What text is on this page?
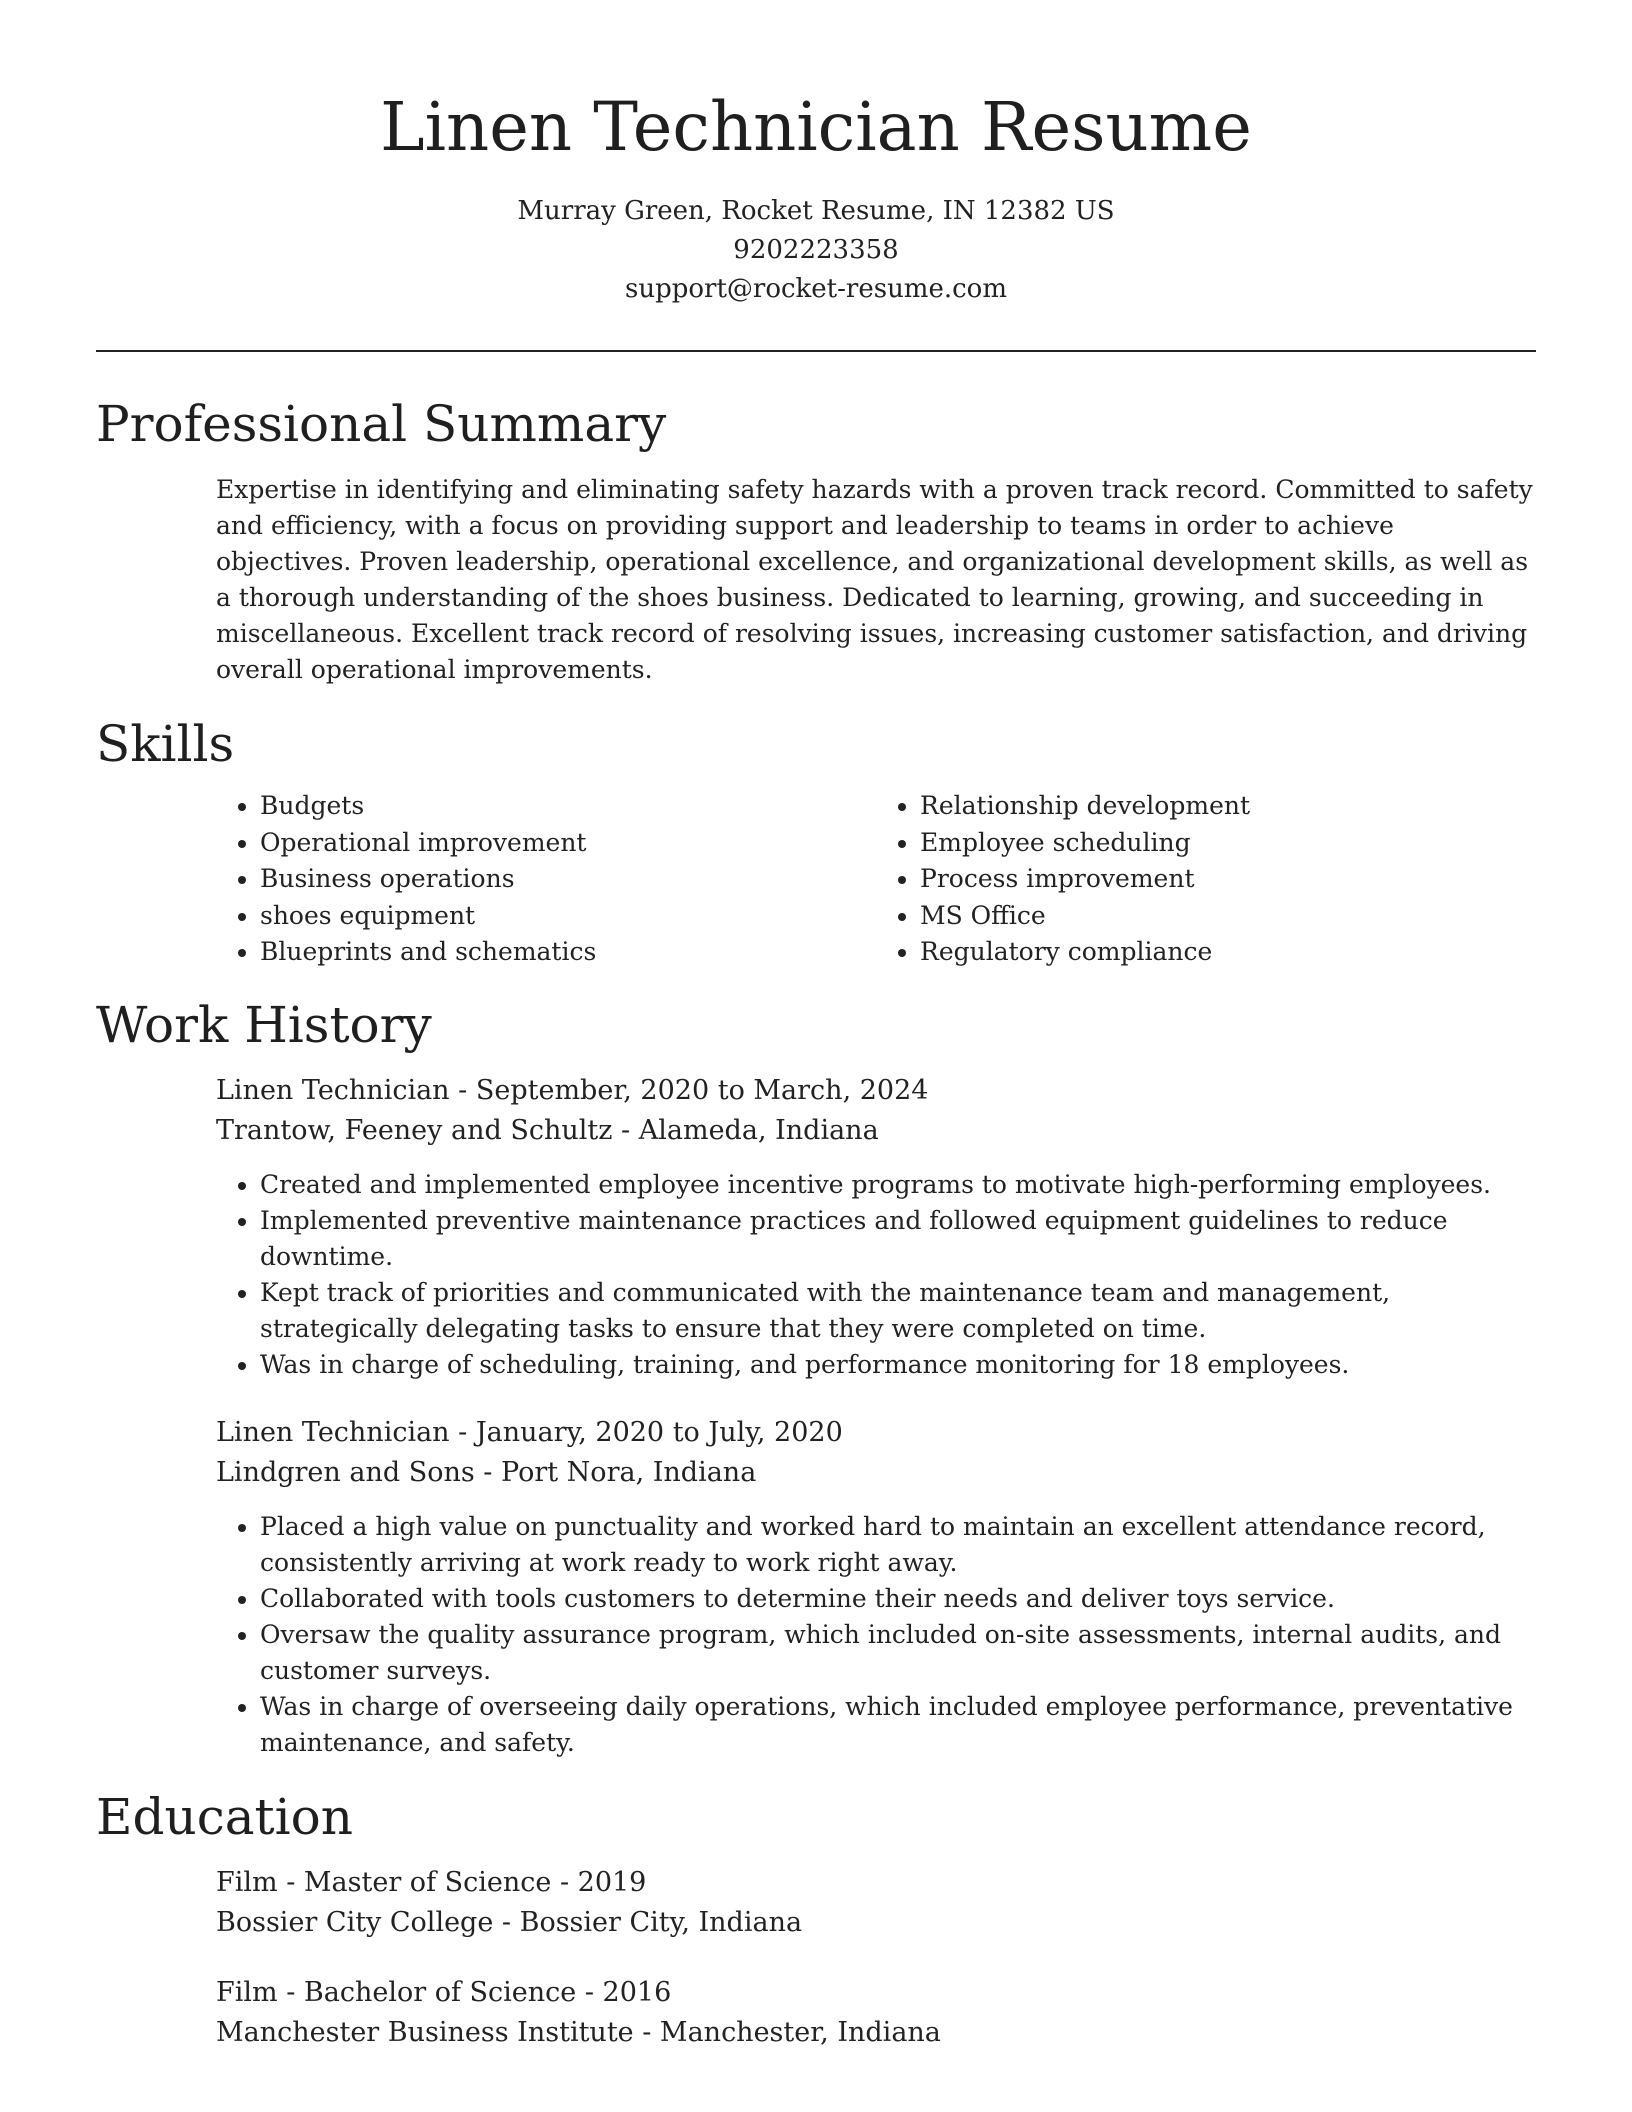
Linen Technician Resume
Murray Green, Rocket Resume, IN 12382 US
9202223358
support@rocket-resume.com
Professional Summary
Expertise in identifying and eliminating safety hazards with a proven track record. Committed to safety and efficiency, with a focus on providing support and leadership to teams in order to achieve objectives. Proven leadership, operational excellence, and organizational development skills, as well as a thorough understanding of the shoes business. Dedicated to learning, growing, and succeeding in miscellaneous. Excellent track record of resolving issues, increasing customer satisfaction, and driving overall operational improvements.
Skills
• Budgets
• Operational improvement
• Business operations
• shoes equipment
• Blueprints and schematics
• Relationship development
• Employee scheduling
• Process improvement
• MS Office
• Regulatory compliance
Work History
Linen Technician - September, 2020 to March, 2024
Trantow, Feeney and Schultz - Alameda, Indiana
• Created and implemented employee incentive programs to motivate high-performing employees.
• Implemented preventive maintenance practices and followed equipment guidelines to reduce downtime.
• Kept track of priorities and communicated with the maintenance team and management, strategically delegating tasks to ensure that they were completed on time.
• Was in charge of scheduling, training, and performance monitoring for 18 employees.
Linen Technician - January, 2020 to July, 2020
Lindgren and Sons - Port Nora, Indiana
• Placed a high value on punctuality and worked hard to maintain an excellent attendance record, consistently arriving at work ready to work right away.
• Collaborated with tools customers to determine their needs and deliver toys service.
• Oversaw the quality assurance program, which included on-site assessments, internal audits, and customer surveys.
• Was in charge of overseeing daily operations, which included employee performance, preventative maintenance, and safety.
Education
Film - Master of Science - 2019
Bossier City College - Bossier City, Indiana
Film - Bachelor of Science - 2016
Manchester Business Institute - Manchester, Indiana
